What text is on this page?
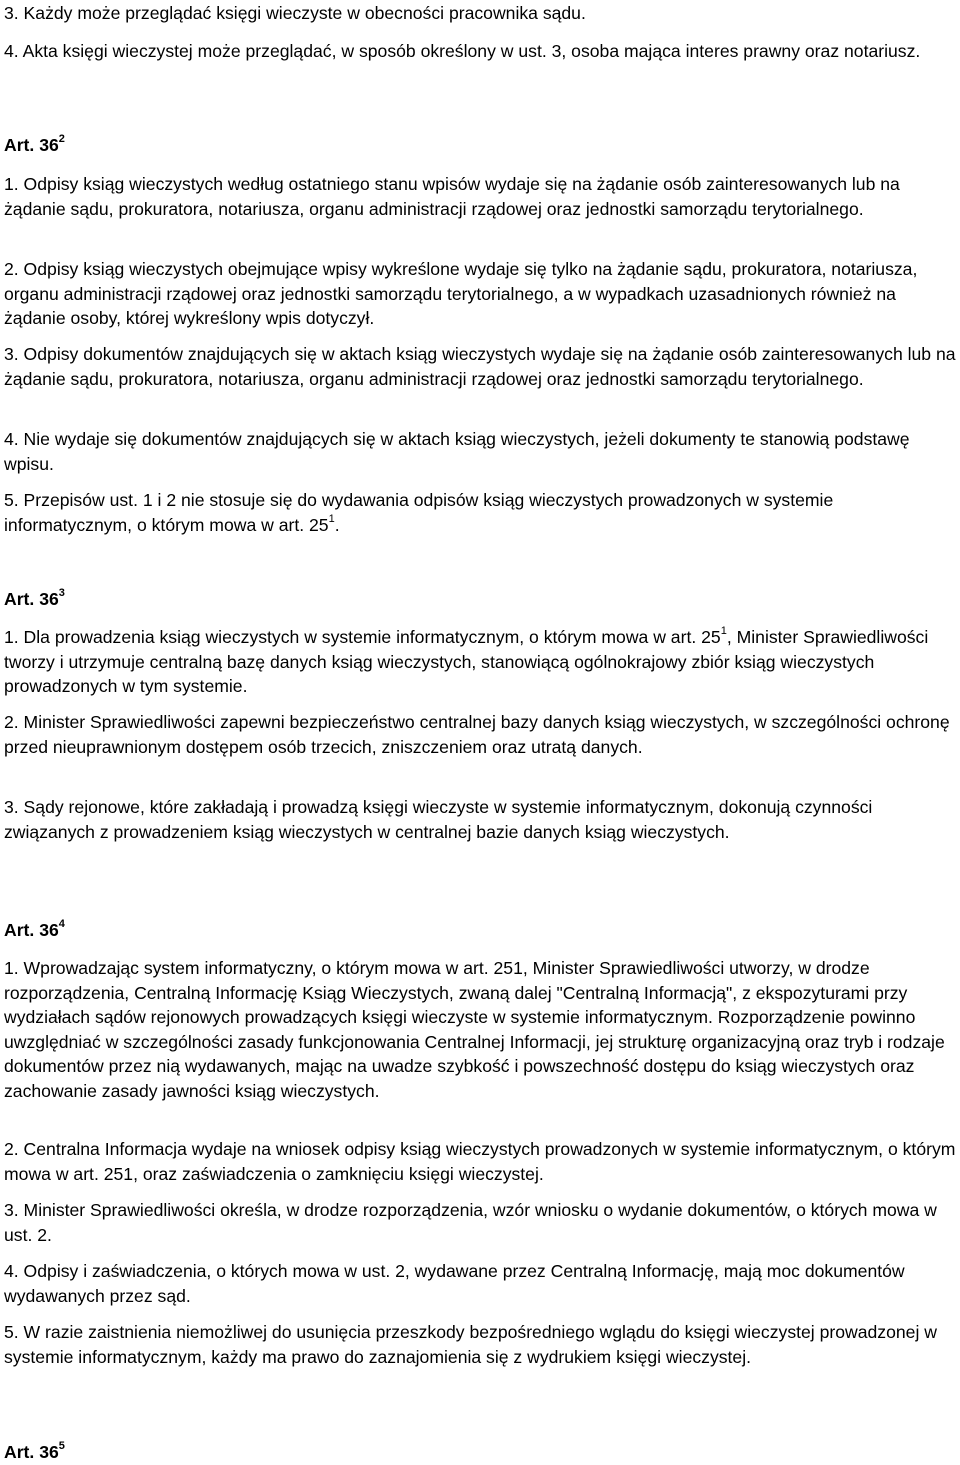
3. Każdy może przeglądać księgi wieczyste w obecności pracownika sądu.

4. Akta księgi wieczystej może przeglądać, w sposób określony w ust. 3, osoba mająca interes prawny oraz notariusz.

Art. $36^2$

1. Odpisy ksiąg wieczystych według ostatniego stanu wpisów wydaje się na żądanie osób zainteresowanych lub na żądanie sądu, prokuratora, notariusza, organu administracji rządowej oraz jednostki samorządu terytorialnego.

2. Odpisy ksiąg wieczystych obejmujące wpisy wykreślone wydaje się tylko na żądanie sądu, prokuratora, notariusza, organu administracji rządowej oraz jednostki samorządu terytorialnego, a w wypadkach uzasadnionych również na żądanie osoby, której wykreślony wpis dotyczył.

3. Odpisy dokumentów znajdujących się w aktach ksiąg wieczystych wydaje się na żądanie osób zainteresowanych lub na żądanie sądu, prokuratora, notariusza, organu administracji rządowej oraz jednostki samorządu terytorialnego.

4. Nie wydaje się dokumentów znajdujących się w aktach ksiąg wieczystych, jeżeli dokumenty te stanowią podstawę wpisu.

5. Przepisów ust. 1 i 2 nie stosuje się do wydawania odpisów ksiąg wieczystych prowadzonych w systemie informatycznym, o którym mowa w art. $25^1$.

Art. $36^3$

1. Dla prowadzenia ksiąg wieczystych w systemie informatycznym, o którym mowa w art. $25^1$, Minister Sprawiedliwości tworzy i utrzymuje centralną bazę danych ksiąg wieczystych, stanowiącą ogólnokrajowy zbiór ksiąg wieczystych prowadzonych w tym systemie.

2. Minister Sprawiedliwości zapewni bezpieczeństwo centralnej bazy danych ksiąg wieczystych, w szczególności ochronę przed nieuprawnionym dostępem osób trzecich, zniszczeniem oraz utratą danych.

3. Sądy rejonowe, które zakładają i prowadzą księgi wieczyste w systemie informatycznym, dokonują czynności związanych z prowadzeniem ksiąg wieczystych w centralnej bazie danych ksiąg wieczystych.

Art. $36^4$

1. Wprowadzając system informatyczny, o którym mowa w art. 251, Minister Sprawiedliwości utworzy, w drodze rozporządzenia, Centralną Informację Ksiąg Wieczystych, zwaną dalej "Centralną Informacją", z ekspozyturami przy wydziałach sądów rejonowych prowadzących księgi wieczyste w systemie informatycznym. Rozporządzenie powinno uwzględniać w szczególności zasady funkcjonowania Centralnej Informacji, jej strukturę organizacyjną oraz tryb i rodzaje dokumentów przez nią wydawanych, mając na uwadze szybkość i powszechność dostępu do ksiąg wieczystych oraz zachowanie zasady jawności ksiąg wieczystych.

2. Centralna Informacja wydaje na wniosek odpisy ksiąg wieczystych prowadzonych w systemie informatycznym, o którym mowa w art. 251, oraz zaświadczenia o zamknięciu księgi wieczystej.

3. Minister Sprawiedliwości określa, w drodze rozporządzenia, wzór wniosku o wydanie dokumentów, o których mowa w ust. 2.

4. Odpisy i zaświadczenia, o których mowa w ust. 2, wydawane przez Centralną Informację, mają moc dokumentów wydawanych przez sąd.

5. W razie zaistnienia niemożliwej do usunięcia przeszkody bezpośredniego wglądu do księgi wieczystej prowadzonej w systemie informatycznym, każdy ma prawo do zaznajomienia się z wydrukiem księgi wieczystej.

Art. $36^5$
